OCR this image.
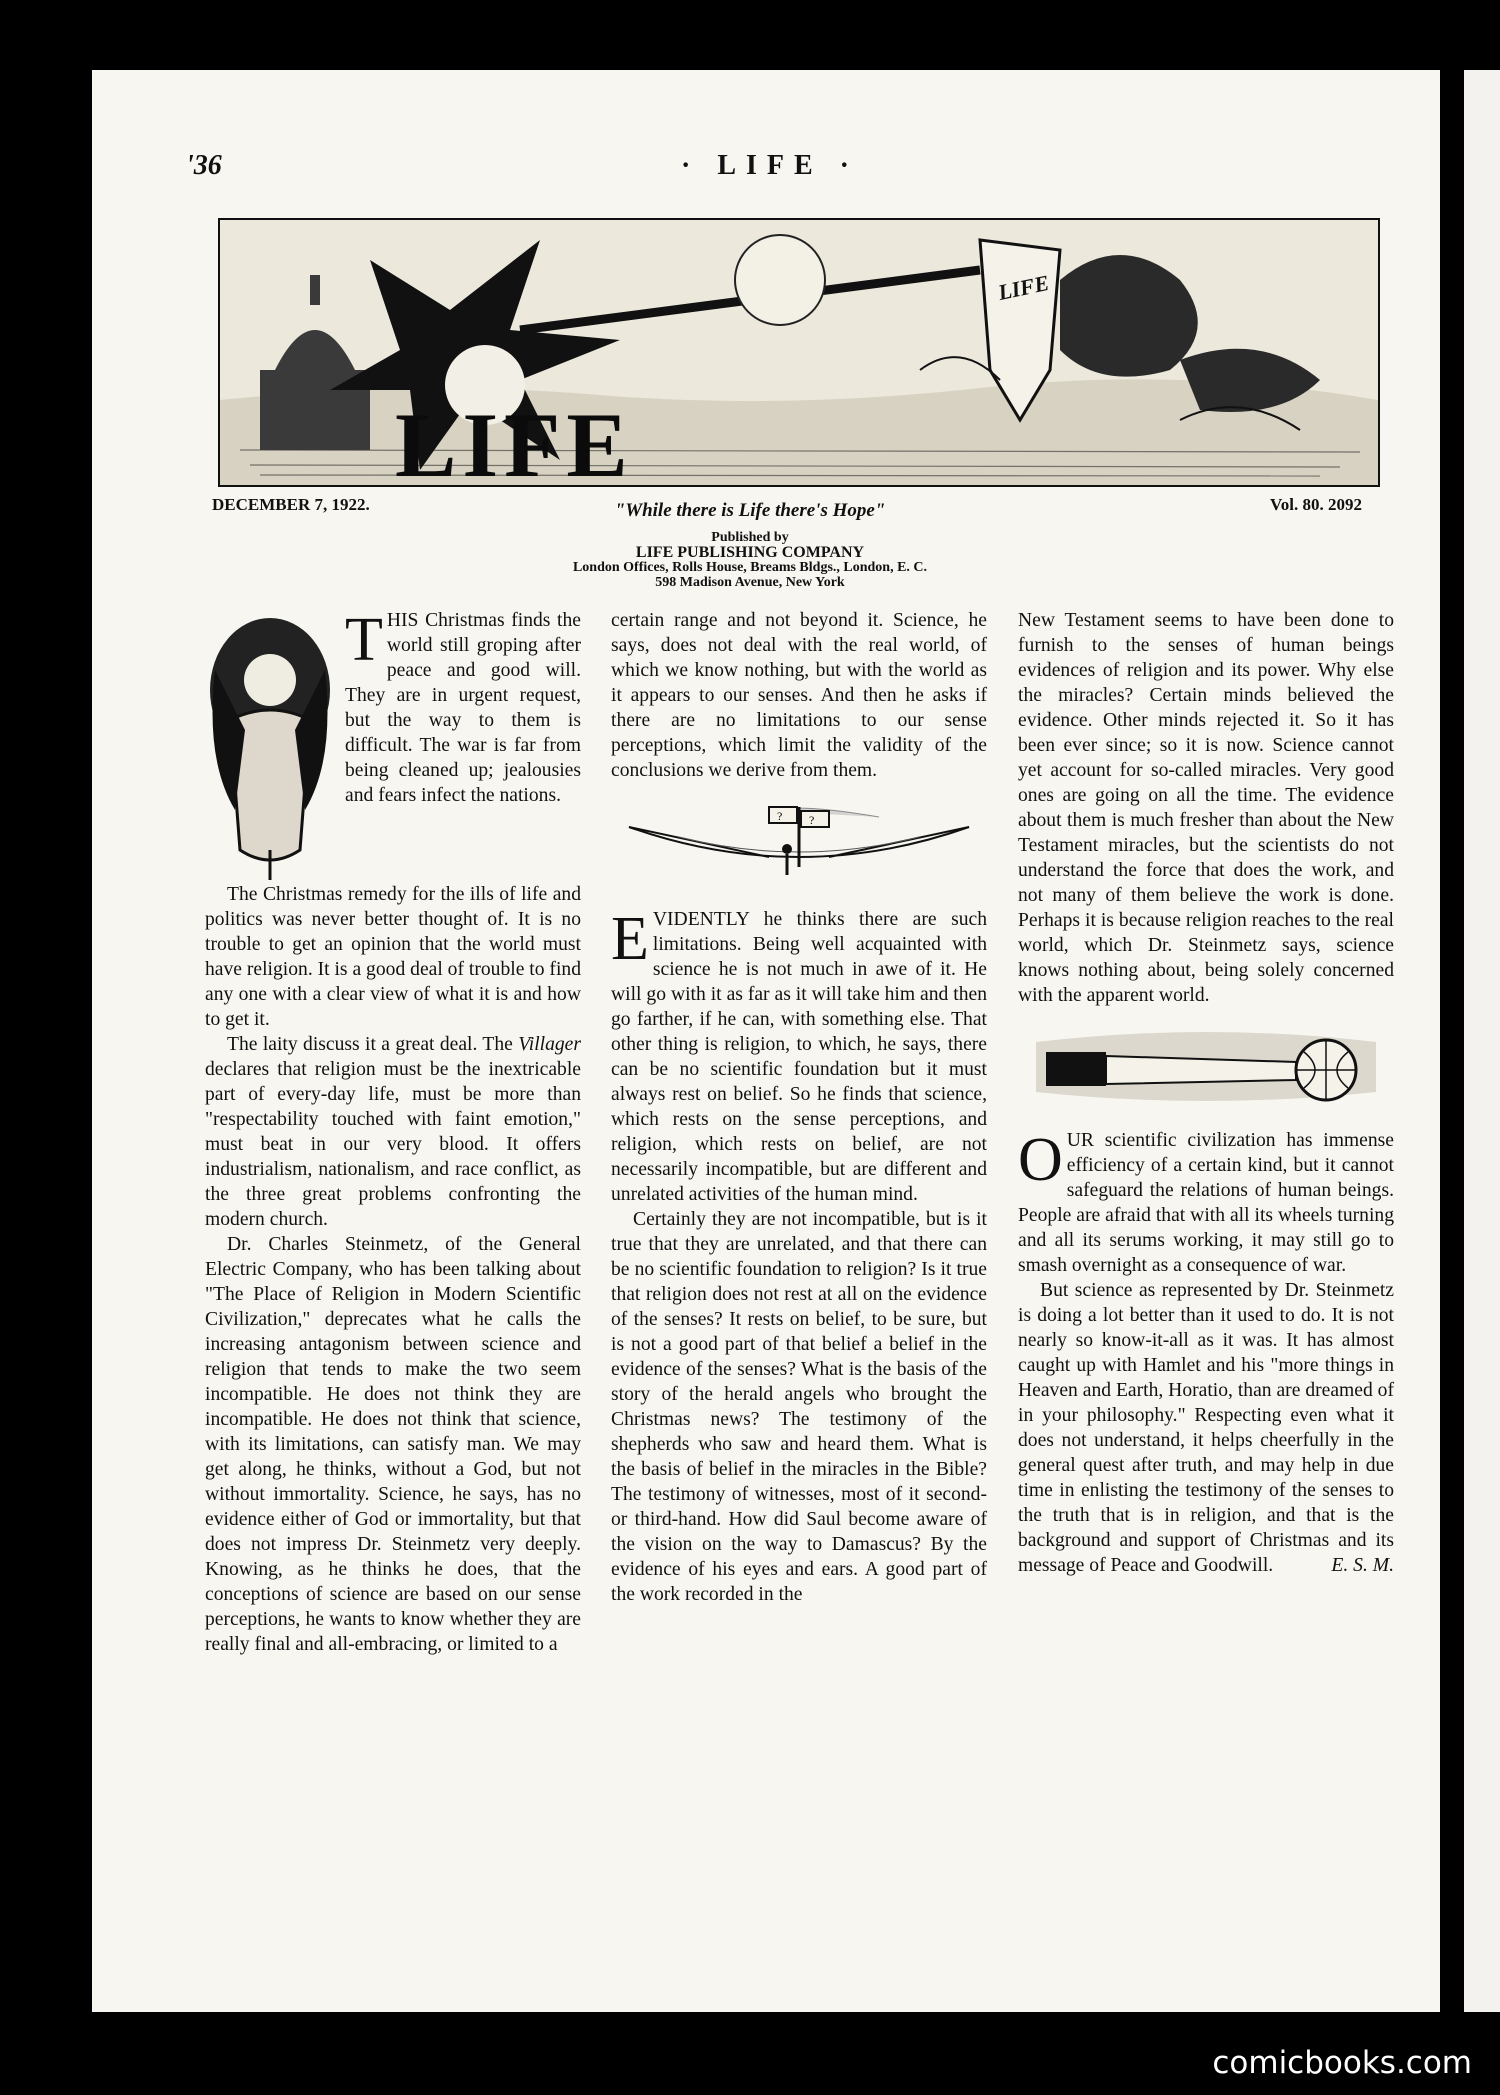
'36	· LIFE ·
LIFE
LIFE
DECEMBER 7, 1922.	Vol. 80. 2092
"While there is Life there's Hope"
Published by
LIFE PUBLISHING COMPANY
London Offices, Rolls House, Breams Bldgs., London, E. C.
598 Madison Avenue, New York

THIS Christmas finds the world still groping after peace and good will. They are in urgent request, but the way to them is difficult. The war is far from being cleaned up; jealousies and fears infect the nations.

The Christmas remedy for the ills of life and politics was never better thought of. It is no trouble to get an opinion that the world must have religion. It is a good deal of trouble to find any one with a clear view of what it is and how to get it.

The laity discuss it a great deal. The Villager declares that religion must be the inextricable part of every-day life, must be more than "respectability touched with faint emotion," must beat in our very blood. It offers industrialism, nationalism, and race conflict, as the three great problems confronting the modern church.

Dr. Charles Steinmetz, of the General Electric Company, who has been talking about "The Place of Religion in Modern Scientific Civilization," deprecates what he calls the increasing antagonism between science and religion that tends to make the two seem incompatible. He does not think they are incompatible. He does not think that science, with its limitations, can satisfy man. We may get along, he thinks, without a God, but not without immortality. Science, he says, has no evidence either of God or immortality, but that does not impress Dr. Steinmetz very deeply. Knowing, as he thinks he does, that the conceptions of science are based on our sense perceptions, he wants to know whether they are really final and all-embracing, or limited to a

certain range and not beyond it. Science, he says, does not deal with the real world, of which we know nothing, but with the world as it appears to our senses. And then he asks if there are no limitations to our sense perceptions, which limit the validity of the conclusions we derive from them.

? ?

EVIDENTLY he thinks there are such limitations. Being well acquainted with science he is not much in awe of it. He will go with it as far as it will take him and then go farther, if he can, with something else. That other thing is religion, to which, he says, there can be no scientific foundation but it must always rest on belief. So he finds that science, which rests on the sense perceptions, and religion, which rests on belief, are not necessarily incompatible, but are different and unrelated activities of the human mind.

Certainly they are not incompatible, but is it true that they are unrelated, and that there can be no scientific foundation to religion? Is it true that religion does not rest at all on the evidence of the senses? It rests on belief, to be sure, but is not a good part of that belief a belief in the evidence of the senses? What is the basis of the story of the herald angels who brought the Christmas news? The testimony of the shepherds who saw and heard them. What is the basis of belief in the miracles in the Bible? The testimony of witnesses, most of it second- or third-hand. How did Saul become aware of the vision on the way to Damascus? By the evidence of his eyes and ears. A good part of the work recorded in the

New Testament seems to have been done to furnish to the senses of human beings evidences of religion and its power. Why else the miracles? Certain minds believed the evidence. Other minds rejected it. So it has been ever since; so it is now. Science cannot yet account for so-called miracles. Very good ones are going on all the time. The evidence about them is much fresher than about the New Testament miracles, but the scientists do not understand the force that does the work, and not many of them believe the work is done. Perhaps it is because religion reaches to the real world, which Dr. Steinmetz says, science knows nothing about, being solely concerned with the apparent world.

OUR scientific civilization has immense efficiency of a certain kind, but it cannot safeguard the relations of human beings. People are afraid that with all its wheels turning and all its serums working, it may still go to smash overnight as a consequence of war.

But science as represented by Dr. Steinmetz is doing a lot better than it used to do. It is not nearly so know-it-all as it was. It has almost caught up with Hamlet and his "more things in Heaven and Earth, Horatio, than are dreamed of in your philosophy." Respecting even what it does not understand, it helps cheerfully in the general quest after truth, and may help in due time in enlisting the testimony of the senses to the truth that is in religion, and that is the background and support of Christmas and its message of Peace and Goodwill.	E. S. M.

comicbooks.com
